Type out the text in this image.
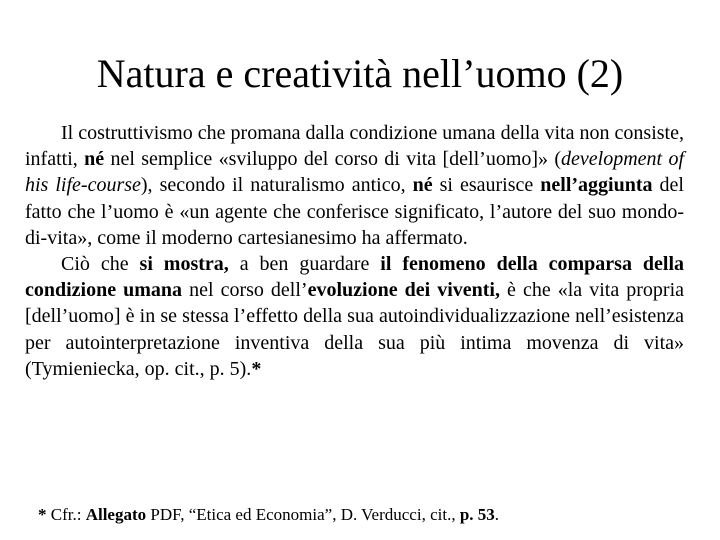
Natura e creatività nell’uomo (2)

Il costruttivismo che promana dalla condizione umana della vita non consiste, infatti, né nel semplice «sviluppo del corso di vita [dell’uomo]» (development of his life-course), secondo il naturalismo antico, né si esaurisce nell’aggiunta del fatto che l’uomo è «un agente che conferisce significato, l’autore del suo mondo-di-vita», come il moderno cartesianesimo ha affermato.

Ciò che si mostra, a ben guardare il fenomeno della comparsa della condizione umana nel corso dell’evoluzione dei viventi, è che «la vita propria [dell’uomo] è in se stessa l’effetto della sua autoindividualizzazione nell’esistenza per autointerpretazione inventiva della sua più intima movenza di vita» (Tymieniecka, op. cit., p. 5).*

* Cfr.: Allegato PDF, “Etica ed Economia”, D. Verducci, cit., p. 53.
